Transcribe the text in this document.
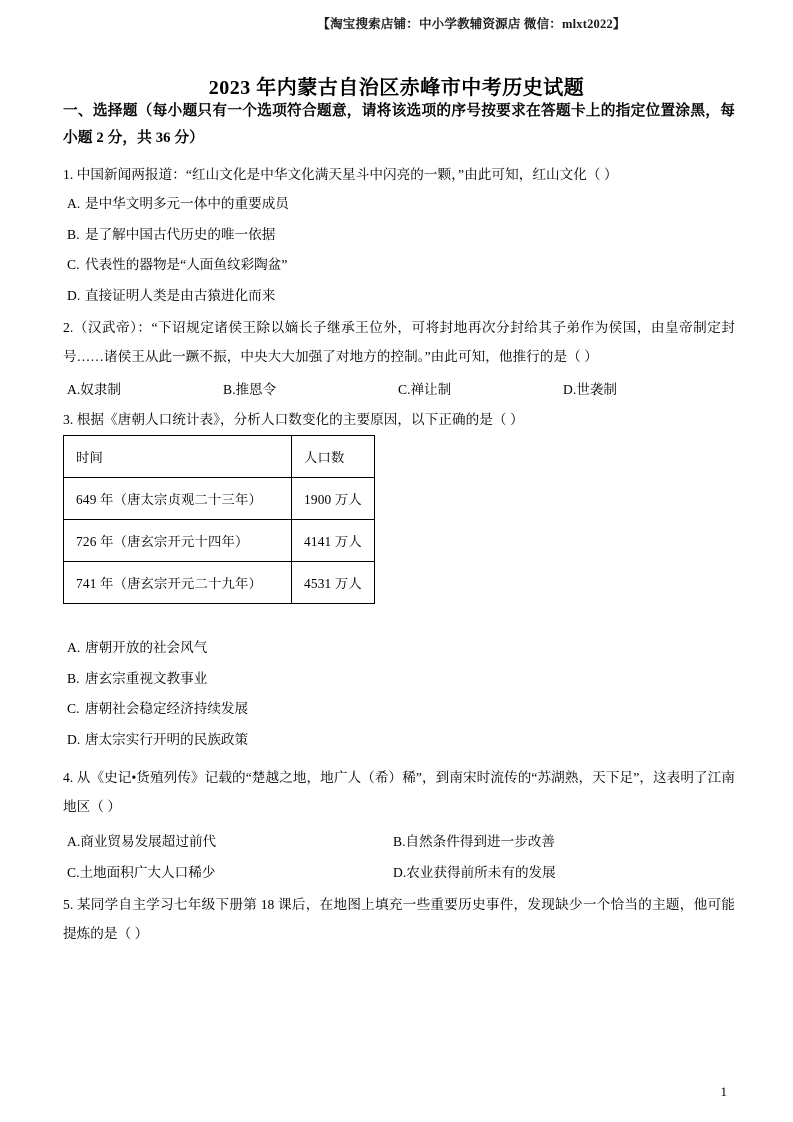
【淘宝搜索店铺：中小学教辅资源店 微信：mlxt2022】
2023 年内蒙古自治区赤峰市中考历史试题
一、选择题（每小题只有一个选项符合题意，请将该选项的序号按要求在答题卡上的指定位置涂黑，每小题 2 分，共 36 分）
1. 中国新闻两报道：“红山文化是中华文化满天星斗中闪亮的一颗，”由此可知，红山文化（ ）
A. 是中华文明多元一体中的重要成员
B. 是了解中国古代历史的唯一依据
C. 代表性的器物是“人面鱼纹彩陶盆”
D. 直接证明人类是由古猿进化而来
2.（汉武帝）：“下诏规定诸侯王除以嫡长子继承王位外，可将封地再次分封给其子弟作为侯国，由皇帝制定封号……诸侯王从此一蹶不振，中央大大加强了对地方的控制。”由此可知，他推行的是（ ）
A.奴隶制	B.推恩令	C.禅让制	D.世袭制
3. 根据《唐朝人口统计表》，分析人口数变化的主要原因，以下正确的是（ ）
时间	人口数
649 年（唐太宗贞观二十三年）	1900 万人
726 年（唐玄宗开元十四年）	4141 万人
741 年（唐玄宗开元二十九年）	4531 万人
A. 唐朝开放的社会风气
B. 唐玄宗重视文教事业
C. 唐朝社会稳定经济持续发展
D. 唐太宗实行开明的民族政策
4. 从《史记•货殖列传》记载的“楚越之地，地广人（希）稀”，到南宋时流传的“苏湖熟，天下足”，这表明了江南地区（ ）
A.商业贸易发展超过前代	B.自然条件得到进一步改善
C.土地面积广大人口稀少	D.农业获得前所未有的发展
5. 某同学自主学习七年级下册第 18 课后，在地图上填充一些重要历史事件，发现缺少一个恰当的主题，他可能提炼的是（ ）
1
